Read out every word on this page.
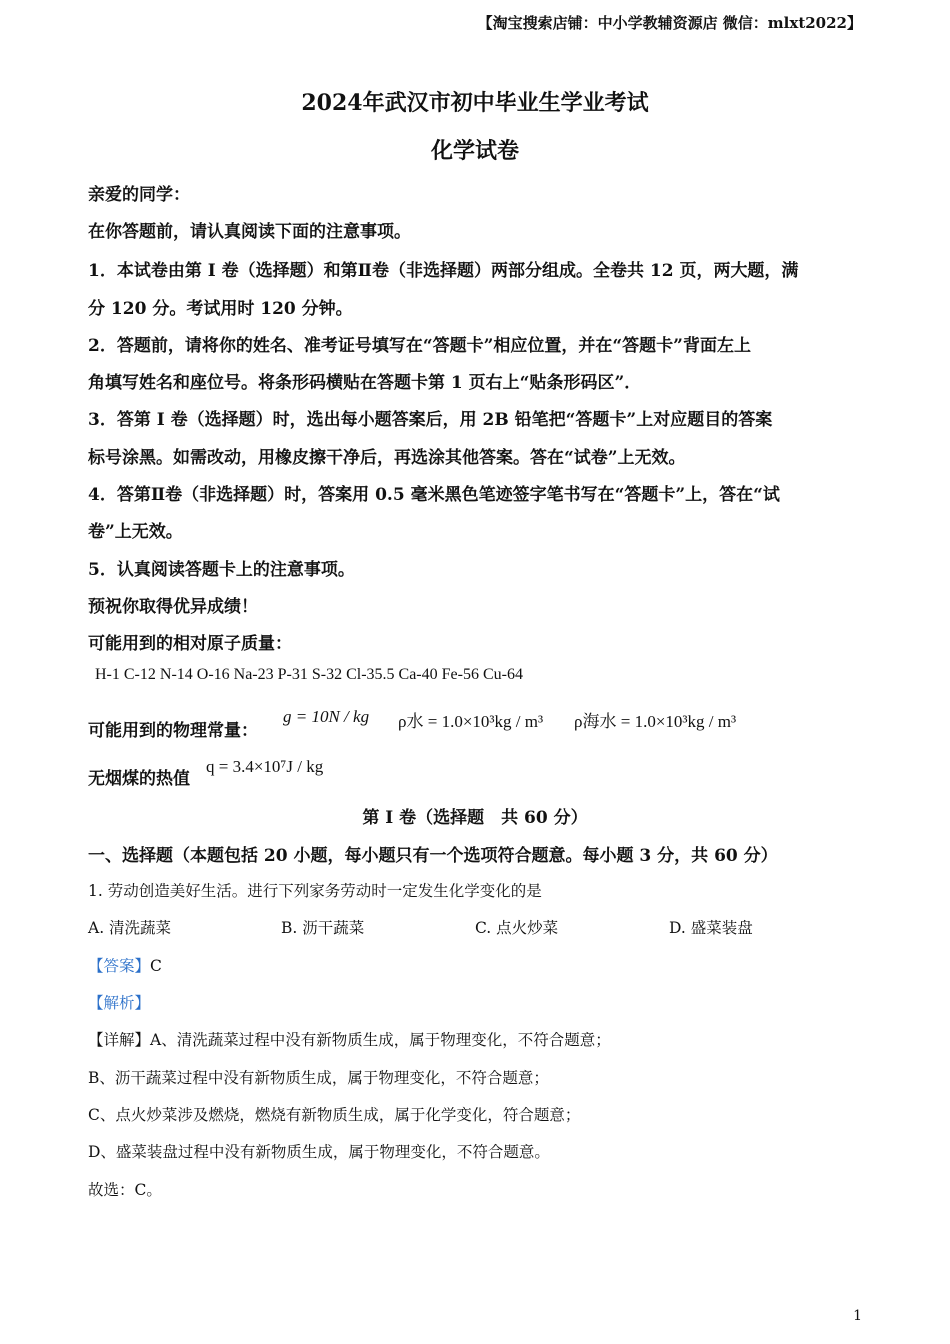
【淘宝搜索店铺：中小学教辅资源店 微信：mlxt2022】
2024年武汉市初中毕业生学业考试
化学试卷
亲爱的同学：
在你答题前，请认真阅读下面的注意事项。
1．本试卷由第 I 卷（选择题）和第Ⅱ卷（非选择题）两部分组成。全卷共 12 页，两大题，满
分 120 分。考试用时 120 分钟。
2．答题前，请将你的姓名、准考证号填写在“答题卡”相应位置，并在“答题卡”背面左上
角填写姓名和座位号。将条形码横贴在答题卡第 1 页右上“贴条形码区”．
3．答第 I 卷（选择题）时，选出每小题答案后，用 2B 铅笔把“答题卡”上对应题目的答案
标号涂黑。如需改动，用橡皮擦干净后，再选涂其他答案。答在“试卷”上无效。
4．答第Ⅱ卷（非选择题）时，答案用 0.5 毫米黑色笔迹签字笔书写在“答题卡”上，答在“试
卷”上无效。
5．认真阅读答题卡上的注意事项。
预祝你取得优异成绩！
可能用到的相对原子质量：
H-1 C-12 N-14 O-16 Na-23 P-31 S-32 Cl-35.5 Ca-40 Fe-56 Cu-64
可能用到的物理常量：
g = 10N / kg ρ水 = 1.0×10³kg / m³ ρ海水 = 1.0×10³kg / m³
无烟煤的热值
q = 3.4×10⁷J / kg
第 I 卷（选择题　共 60 分）
一、选择题（本题包括 20 小题，每小题只有一个选项符合题意。每小题 3 分，共 60 分）
1. 劳动创造美好生活。进行下列家务劳动时一定发生化学变化的是
A. 清洗蔬菜	B. 沥干蔬菜	C. 点火炒菜	D. 盛菜装盘
【答案】C
【解析】
【详解】A、清洗蔬菜过程中没有新物质生成，属于物理变化，不符合题意；
B、沥干蔬菜过程中没有新物质生成，属于物理变化，不符合题意；
C、点火炒菜涉及燃烧，燃烧有新物质生成，属于化学变化，符合题意；
D、盛菜装盘过程中没有新物质生成，属于物理变化，不符合题意。
故选：C。
1
